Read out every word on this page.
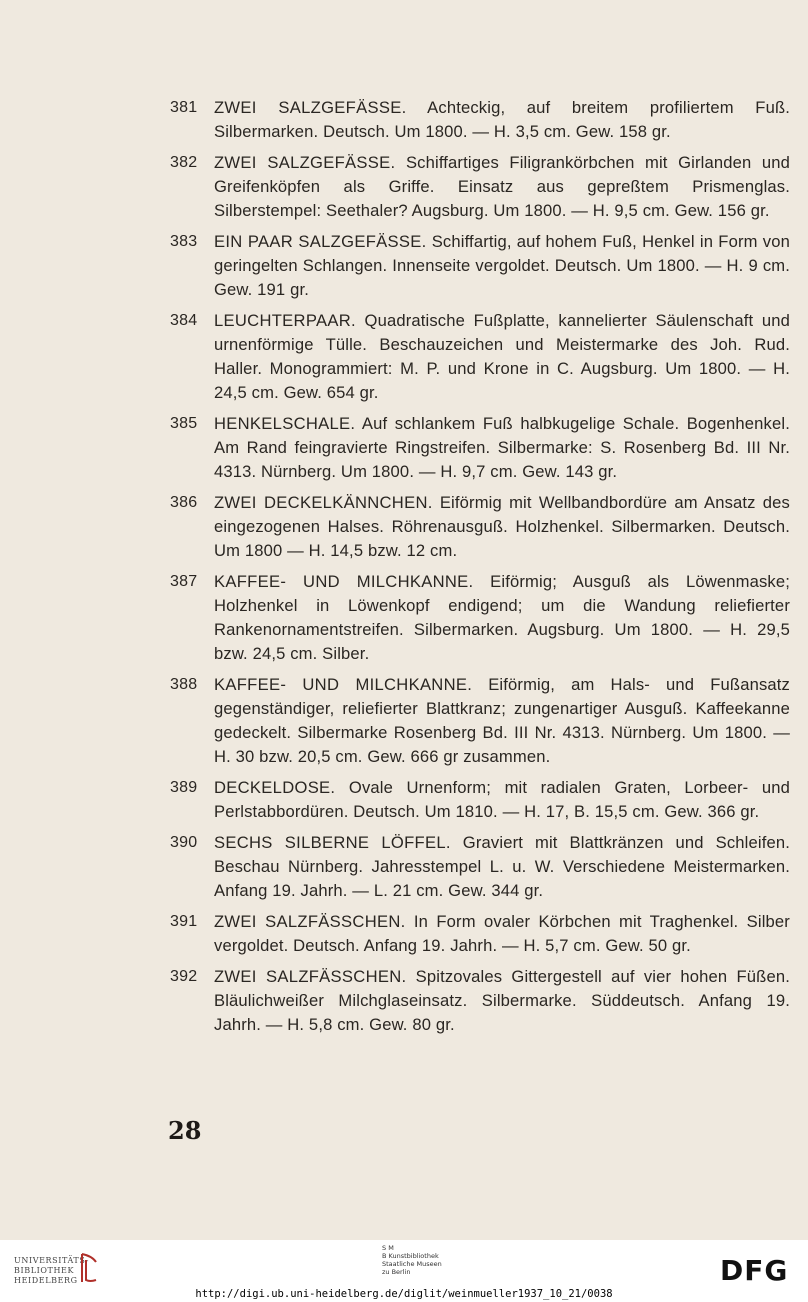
381	ZWEI SALZGEFÄSSE. Achteckig, auf breitem profiliertem Fuß. Silbermarken. Deutsch. Um 1800. — H. 3,5 cm. Gew. 158 gr.
382	ZWEI SALZGEFÄSSE. Schiffartiges Filigrankörbchen mit Girlanden und Greifenköpfen als Griffe. Einsatz aus gepreßtem Prismenglas. Silberstempel: Seethaler? Augsburg. Um 1800. — H. 9,5 cm. Gew. 156 gr.
383	EIN PAAR SALZGEFÄSSE. Schiffartig, auf hohem Fuß, Henkel in Form von geringelten Schlangen. Innenseite vergoldet. Deutsch. Um 1800. — H. 9 cm. Gew. 191 gr.
384	LEUCHTERPAAR. Quadratische Fußplatte, kannelierter Säulenschaft und urnenförmige Tülle. Beschauzeichen und Meistermarke des Joh. Rud. Haller. Monogrammiert: M. P. und Krone in C. Augsburg. Um 1800. — H. 24,5 cm. Gew. 654 gr.
385	HENKELSCHALE. Auf schlankem Fuß halbkugelige Schale. Bogenhenkel. Am Rand feingravierte Ringstreifen. Silbermarke: S. Rosenberg Bd. III Nr. 4313. Nürnberg. Um 1800. — H. 9,7 cm. Gew. 143 gr.
386	ZWEI DECKELKÄNNCHEN. Eiförmig mit Wellbandbordüre am Ansatz des eingezogenen Halses. Röhrenausguß. Holzhenkel. Silbermarken. Deutsch. Um 1800 — H. 14,5 bzw. 12 cm.
387	KAFFEE- UND MILCHKANNE. Eiförmig; Ausguß als Löwenmaske; Holzhenkel in Löwenkopf endigend; um die Wandung reliefierter Rankenornamentstreifen. Silbermarken. Augsburg. Um 1800. — H. 29,5 bzw. 24,5 cm. Silber.
388	KAFFEE- UND MILCHKANNE. Eiförmig, am Hals- und Fußansatz gegenständiger, reliefierter Blattkranz; zungenartiger Ausguß. Kaffeekanne gedeckelt. Silbermarke Rosenberg Bd. III Nr. 4313. Nürnberg. Um 1800. — H. 30 bzw. 20,5 cm. Gew. 666 gr zusammen.
389	DECKELDOSE. Ovale Urnenform; mit radialen Graten, Lorbeer- und Perlstabbordüren. Deutsch. Um 1810. — H. 17, B. 15,5 cm. Gew. 366 gr.
390	SECHS SILBERNE LÖFFEL. Graviert mit Blattkränzen und Schleifen. Beschau Nürnberg. Jahresstempel L. u. W. Verschiedene Meistermarken. Anfang 19. Jahrh. — L. 21 cm. Gew. 344 gr.
391	ZWEI SALZFÄSSCHEN. In Form ovaler Körbchen mit Traghenkel. Silber vergoldet. Deutsch. Anfang 19. Jahrh. — H. 5,7 cm. Gew. 50 gr.
392	ZWEI SALZFÄSSCHEN. Spitzovales Gittergestell auf vier hohen Füßen. Bläulichweißer Milchglaseinsatz. Silbermarke. Süddeutsch. Anfang 19. Jahrh. — H. 5,8 cm. Gew. 80 gr.
28
UNIVERSITÄTS-
BIBLIOTHEK
HEIDELBERG
S M
B Kunstbibliothek
Staatliche Museen
zu Berlin	DFG
http://digi.ub.uni-heidelberg.de/diglit/weinmueller1937_10_21/0038
